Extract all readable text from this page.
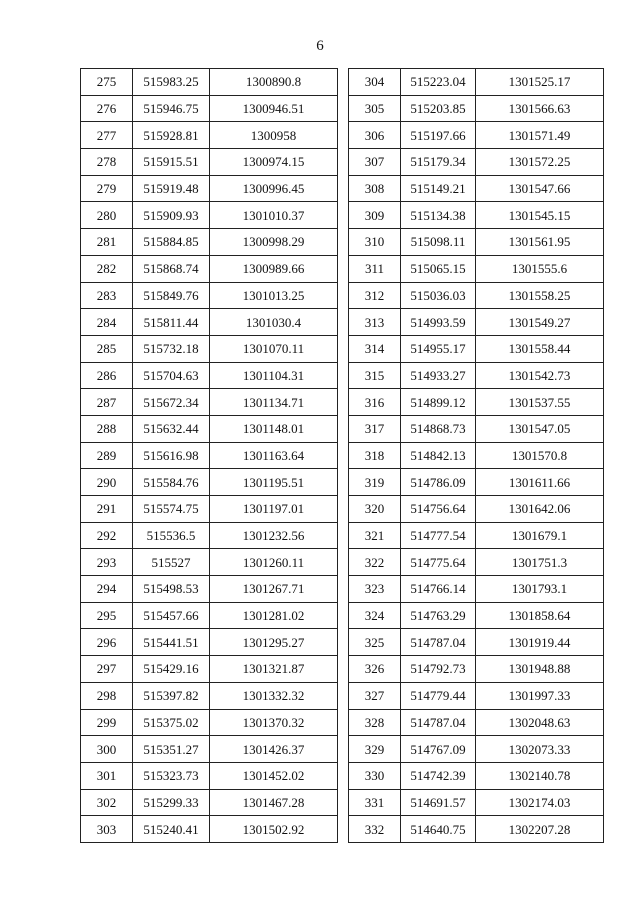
6
275	515983.25	1300890.8
276	515946.75	1300946.51
277	515928.81	1300958
278	515915.51	1300974.15
279	515919.48	1300996.45
280	515909.93	1301010.37
281	515884.85	1300998.29
282	515868.74	1300989.66
283	515849.76	1301013.25
284	515811.44	1301030.4
285	515732.18	1301070.11
286	515704.63	1301104.31
287	515672.34	1301134.71
288	515632.44	1301148.01
289	515616.98	1301163.64
290	515584.76	1301195.51
291	515574.75	1301197.01
292	515536.5	1301232.56
293	515527	1301260.11
294	515498.53	1301267.71
295	515457.66	1301281.02
296	515441.51	1301295.27
297	515429.16	1301321.87
298	515397.82	1301332.32
299	515375.02	1301370.32
300	515351.27	1301426.37
301	515323.73	1301452.02
302	515299.33	1301467.28
303	515240.41	1301502.92
304	515223.04	1301525.17
305	515203.85	1301566.63
306	515197.66	1301571.49
307	515179.34	1301572.25
308	515149.21	1301547.66
309	515134.38	1301545.15
310	515098.11	1301561.95
311	515065.15	1301555.6
312	515036.03	1301558.25
313	514993.59	1301549.27
314	514955.17	1301558.44
315	514933.27	1301542.73
316	514899.12	1301537.55
317	514868.73	1301547.05
318	514842.13	1301570.8
319	514786.09	1301611.66
320	514756.64	1301642.06
321	514777.54	1301679.1
322	514775.64	1301751.3
323	514766.14	1301793.1
324	514763.29	1301858.64
325	514787.04	1301919.44
326	514792.73	1301948.88
327	514779.44	1301997.33
328	514787.04	1302048.63
329	514767.09	1302073.33
330	514742.39	1302140.78
331	514691.57	1302174.03
332	514640.75	1302207.28
